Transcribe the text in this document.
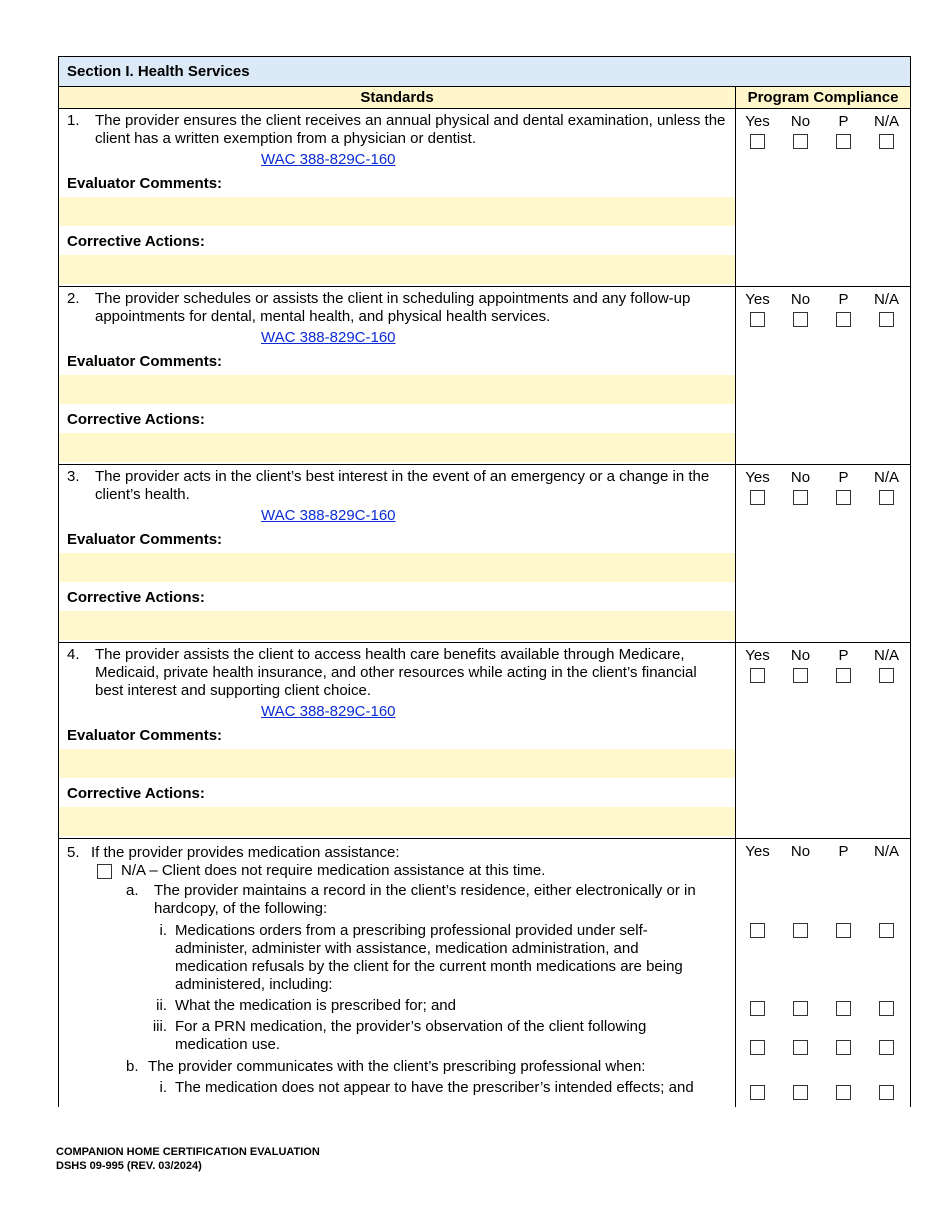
Section I. Health Services
Standards	Program Compliance
1.	The provider ensures the client receives an annual physical and dental examination, unless the client has a written exemption from a physician or dentist.
WAC 388-829C-160
Evaluator Comments:
Corrective Actions:
Yes	No	P	N/A
2.	The provider schedules or assists the client in scheduling appointments and any follow-up appointments for dental, mental health, and physical health services.
WAC 388-829C-160
Evaluator Comments:
Corrective Actions:
Yes	No	P	N/A
3.	The provider acts in the client’s best interest in the event of an emergency or a change in the client’s health.
WAC 388-829C-160
Evaluator Comments:
Corrective Actions:
Yes	No	P	N/A
4.	The provider assists the client to access health care benefits available through Medicare, Medicaid, private health insurance, and other resources while acting in the client’s financial best interest and supporting client choice.
WAC 388-829C-160
Evaluator Comments:
Corrective Actions:
Yes	No	P	N/A
5. If the provider provides medication assistance:
N/A – Client does not require medication assistance at this time.
a.	The provider maintains a record in the client’s residence, either electronically or in hardcopy, of the following:
i. Medications orders from a prescribing professional provided under self-administer, administer with assistance, medication administration, and medication refusals by the client for the current month medications are being administered, including:
ii. What the medication is prescribed for; and
iii. For a PRN medication, the provider’s observation of the client following medication use.
b. The provider communicates with the client’s prescribing professional when:
i. The medication does not appear to have the prescriber’s intended effects; and
Yes	No	P	N/A
COMPANION HOME CERTIFICATION EVALUATION
DSHS 09-995 (REV. 03/2024)
